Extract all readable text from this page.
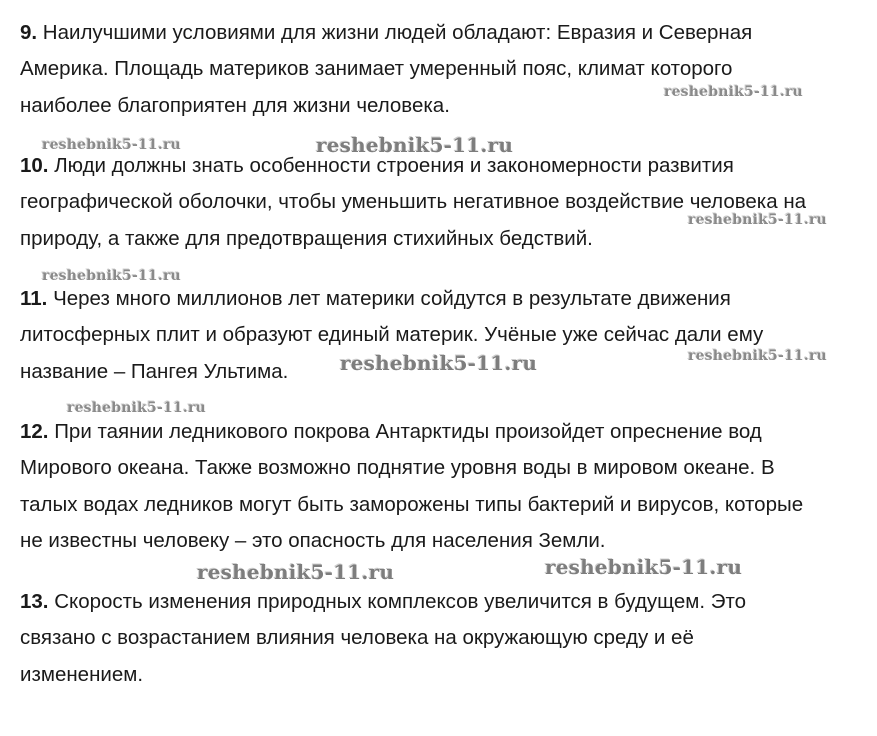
9. Наилучшими условиями для жизни людей обладают: Евразия и Северная
Америка. Площадь материков занимает умеренный пояс, климат которого
наиболее благоприятен для жизни человека.
10. Люди должны знать особенности строения и закономерности развития
географической оболочки, чтобы уменьшить негативное воздействие человека на
природу, а также для предотвращения стихийных бедствий.
11. Через много миллионов лет материки сойдутся в результате движения
литосферных плит и образуют единый материк. Учёные уже сейчас дали ему
название – Пангея Ультима.
12. При таянии ледникового покрова Антарктиды произойдет опреснение вод
Мирового океана. Также возможно поднятие уровня воды в мировом океане. В
талых водах ледников могут быть заморожены типы бактерий и вирусов, которые
не известны человеку – это опасность для населения Земли.
13. Скорость изменения природных комплексов увеличится в будущем. Это
связано с возрастанием влияния человека на окружающую среду и её
изменением.
reshebnik5-11.ru
reshebnik5-11.ru	reshebnik5-11.ru
reshebnik5-11.ru
reshebnik5-11.ru
reshebnik5-11.ru	reshebnik5-11.ru
reshebnik5-11.ru
reshebnik5-11.ru	reshebnik5-11.ru
